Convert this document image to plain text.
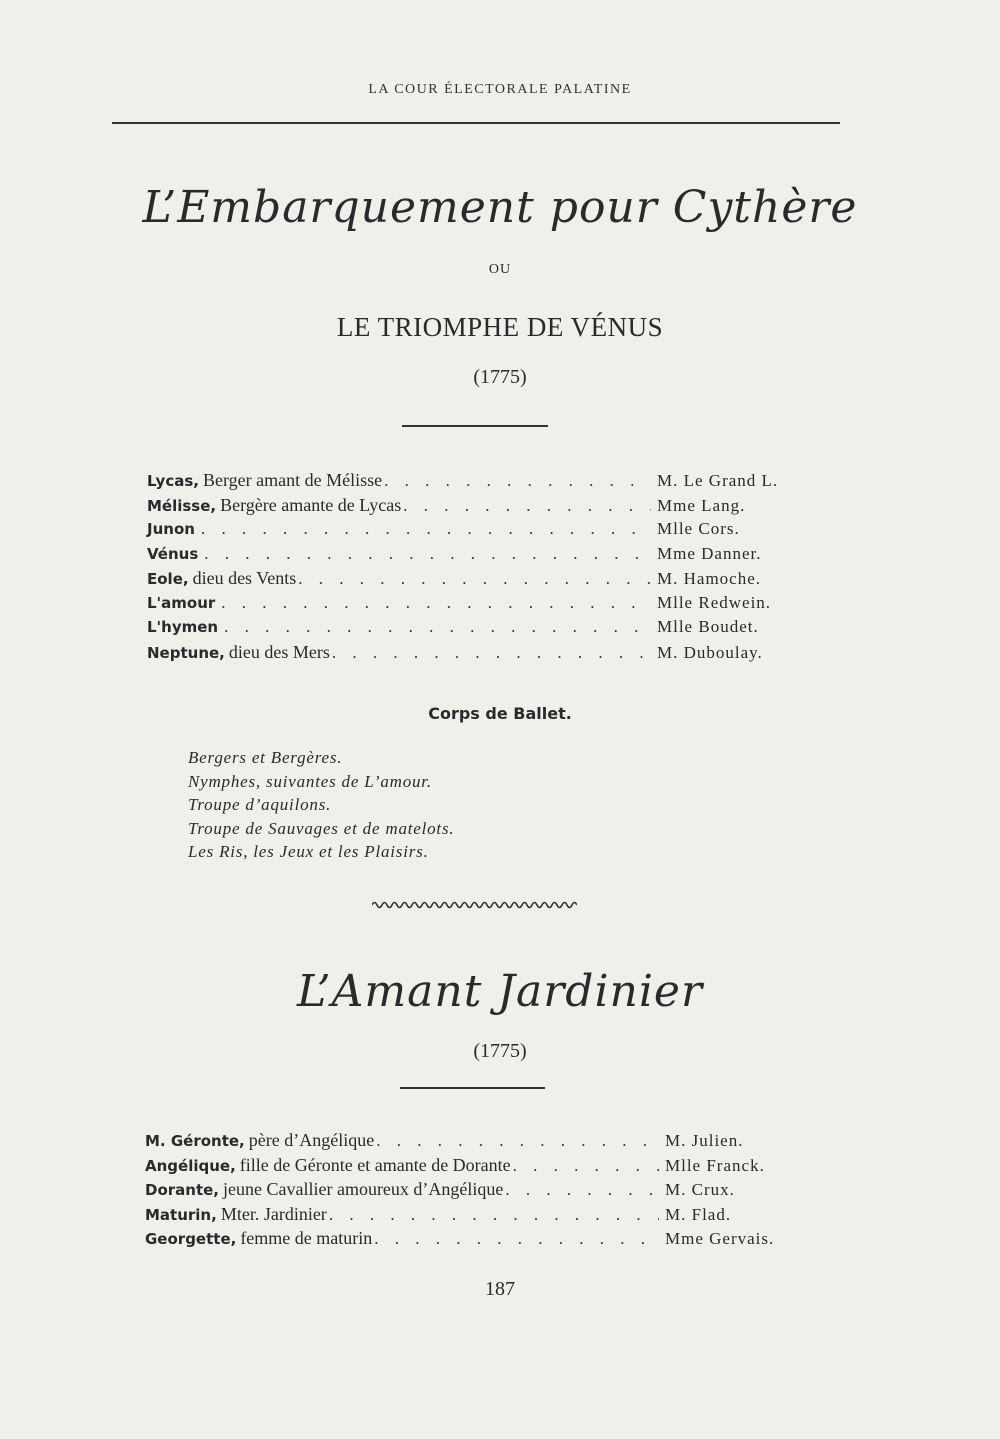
LA COUR ÉLECTORALE PALATINE
L’Embarquement pour Cythère
OU
LE TRIOMPHE DE VÉNUS
(1775)
Lycas, Berger amant de Mélisse . . .	M. Le Grand L.
Mélisse, Bergère amante de Lycas . . .	Mme Lang.
Junon . . .	Mlle Cors.
Vénus . . .	Mme Danner.
Eole, dieu des Vents . . .	M. Hamoche.
L'amour . . .	Mlle Redwein.
L'hymen . . .	Mlle Boudet.
Neptune, dieu des Mers . . .	M. Duboulay.
Corps de Ballet.
Bergers et Bergères.
Nymphes, suivantes de L’amour.
Troupe d’aquilons.
Troupe de Sauvages et de matelots.
Les Ris, les Jeux et les Plaisirs.
L’Amant Jardinier
(1775)
M. Géronte, père d’Angélique . . .	M. Julien.
Angélique, fille de Géronte et amante de Dorante . . .	Mlle Franck.
Dorante, jeune Cavallier amoureux d’Angélique . . .	M. Crux.
Maturin, Mter. Jardinier . . .	M. Flad.
Georgette, femme de maturin . . .	Mme Gervais.
187
